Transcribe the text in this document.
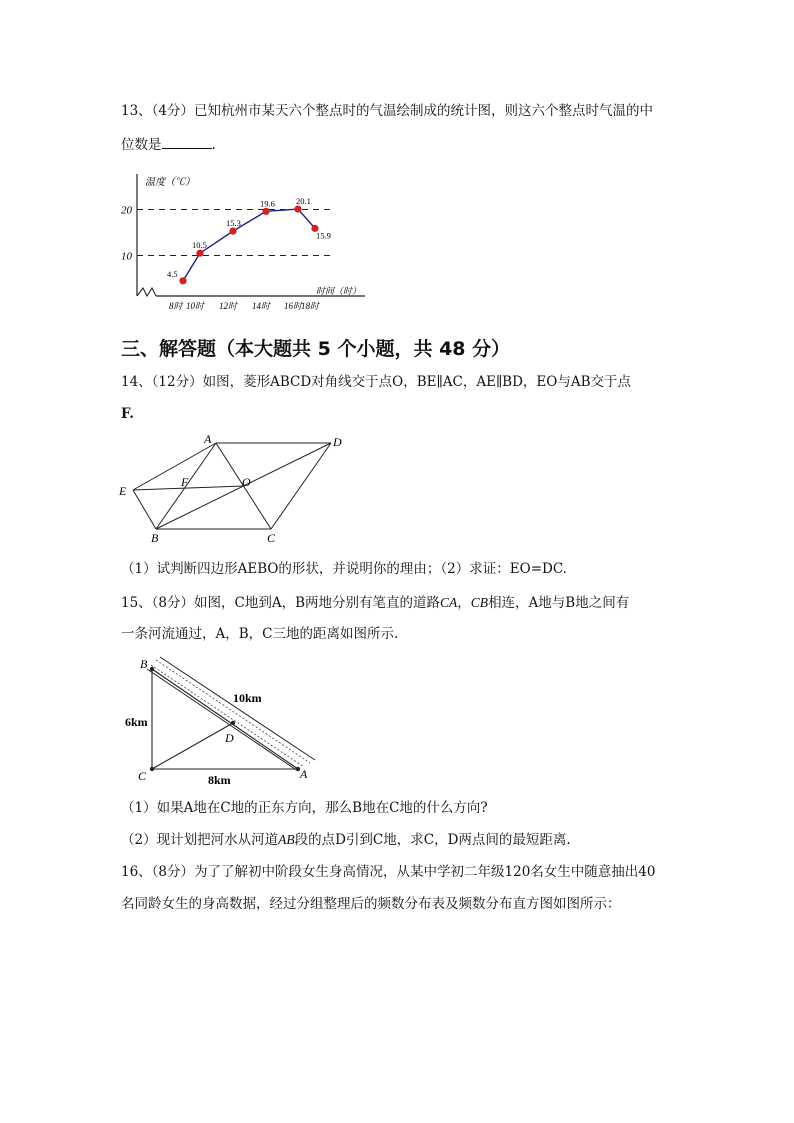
13、（4分）已知杭州市某天六个整点时的气温绘制成的统计图，则这六个整点时气温的中
位数是	.
10
20
温度（℃）
时间（时）
8时 10时 12时 14时 16时
18时
4.5
10.5
15.3
19.6 20.1
15.9
三、解答题（本大题共 5 个小题，共 48 分）
14、（12分）如图，菱形ABCD对角线交于点O，BE∥AC，AE∥BD，EO与AB交于点
F.
A	D
E
F	O
B	C
（1）试判断四边形AEBO的形状，并说明你的理由；（2）求证：EO=DC.
15、（8分）如图，C地到A，B两地分别有笔直的道路CA，CB相连，A地与B地之间有
一条河流通过，A，B，C三地的距离如图所示.
B
C	A
D
6km
8km
10km
（1）如果A地在C地的正东方向，那么B地在C地的什么方向?
（2）现计划把河水从河道AB段的点D引到C地，求C，D两点间的最短距离.
16、（8分）为了了解初中阶段女生身高情况，从某中学初二年级120名女生中随意抽出40
名同龄女生的身高数据，经过分组整理后的频数分布表及频数分布直方图如图所示：
